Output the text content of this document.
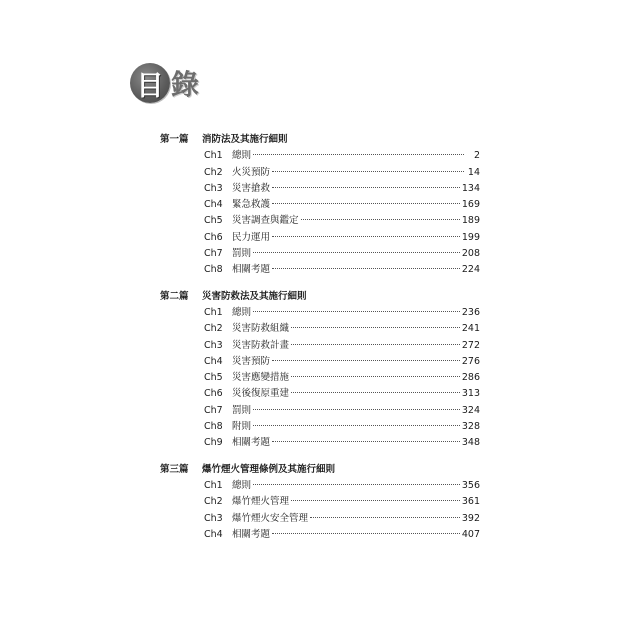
目 錄
第一篇	消防法及其施行細則
Ch1 總則	2
Ch2 火災預防	14
Ch3 災害搶救	134
Ch4 緊急救護	169
Ch5 災害調查與鑑定	189
Ch6 民力運用	199
Ch7 罰則	208
Ch8 相關考題	224
第二篇	災害防救法及其施行細則
Ch1 總則	236
Ch2 災害防救組織	241
Ch3 災害防救計畫	272
Ch4 災害預防	276
Ch5 災害應變措施	286
Ch6 災後復原重建	313
Ch7 罰則	324
Ch8 附則	328
Ch9 相關考題	348
第三篇	爆竹煙火管理條例及其施行細則
Ch1 總則	356
Ch2 爆竹煙火管理	361
Ch3 爆竹煙火安全管理	392
Ch4 相關考題	407
